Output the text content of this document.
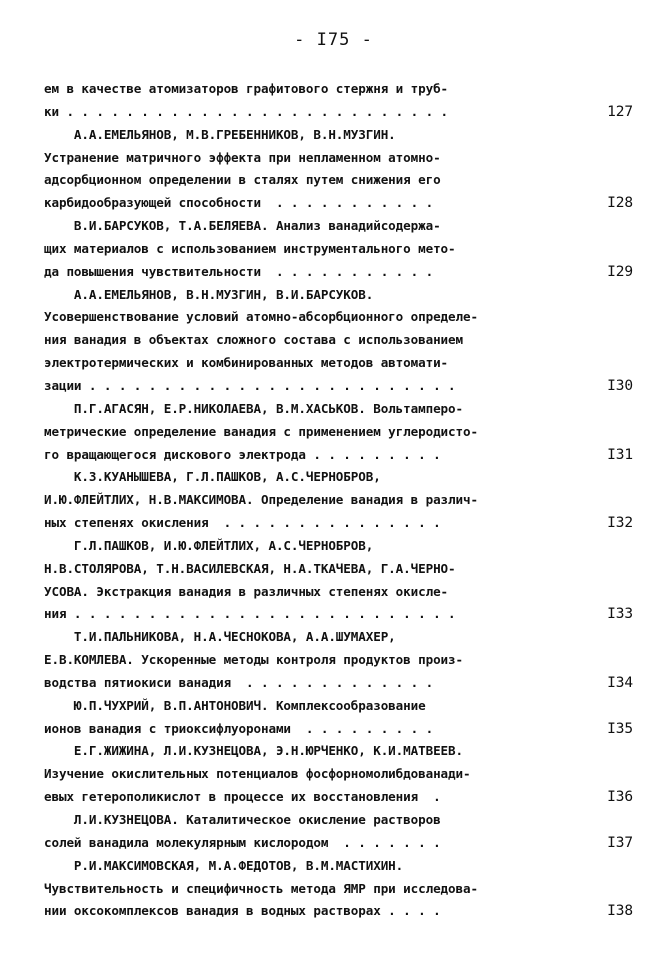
- I75 -
ем в качестве атомизаторов графитового стержня и труб-
ки . . . . . . . . . . . . . . . . . . . . . . . . . .	127
А.А.ЕМЕЛЬЯНОВ, М.В.ГРЕБЕННИКОВ, В.Н.МУЗГИН.
Устранение матричного эффекта при непламенном атомно-
адсорбционном определении в сталях путем снижения его
карбидообразующей способности  . . . . . . . . . . .	I28
В.И.БАРСУКОВ, Т.А.БЕЛЯЕВА. Анализ ванадийсодержа-
щих материалов с использованием инструментального мето-
да повышения чувствительности  . . . . . . . . . . .	I29
А.А.ЕМЕЛЬЯНОВ, В.Н.МУЗГИН, В.И.БАРСУКОВ.
Усовершенствование условий атомно-абсорбционного определе-
ния ванадия в объектах сложного состава с использованием
электротермических и комбинированных методов автомати-
зации . . . . . . . . . . . . . . . . . . . . . . . . .	I30
П.Г.АГАСЯН, Е.Р.НИКОЛАЕВА, В.М.ХАСЬКОВ. Вольтамперо-
метрические определение ванадия с применением углеродисто-
го вращающегося дискового электрода . . . . . . . . .	I31
К.З.КУАНЫШЕВА, Г.Л.ПАШКОВ, А.С.ЧЕРНОБРОВ,
И.Ю.ФЛЕЙТЛИХ, Н.В.МАКСИМОВА. Определение ванадия в различ-
ных степенях окисления  . . . . . . . . . . . . . . .	I32
Г.Л.ПАШКОВ, И.Ю.ФЛЕЙТЛИХ, А.С.ЧЕРНОБРОВ,
Н.В.СТОЛЯРОВА, Т.Н.ВАСИЛЕВСКАЯ, Н.А.ТКАЧЕВА, Г.А.ЧЕРНО-
УСОВА. Экстракция ванадия в различных степенях окисле-
ния . . . . . . . . . . . . . . . . . . . . . . . . . .	I33
Т.И.ПАЛЬНИКОВА, Н.А.ЧЕСНОКОВА, А.А.ШУМАХЕР,
Е.В.КОМЛЕВА. Ускоренные методы контроля продуктов произ-
водства пятиокиси ванадия  . . . . . . . . . . . . .	I34
Ю.П.ЧУХРИЙ, В.П.АНТОНОВИЧ. Комплексообразование
ионов ванадия с триоксифлуоронами  . . . . . . . . .	I35
Е.Г.ЖИЖИНА, Л.И.КУЗНЕЦОВА, Э.Н.ЮРЧЕНКО, К.И.МАТВЕЕВ.
Изучение окислительных потенциалов фосфорномолибдованади-
евых гетерополикислот в процессе их восстановления  .	I36
Л.И.КУЗНЕЦОВА. Каталитическое окисление растворов
солей ванадила молекулярным кислородом  . . . . . . .	I37
Р.И.МАКСИМОВСКАЯ, М.А.ФЕДОТОВ, В.М.МАСТИХИН.
Чувствительность и специфичность метода ЯМР при исследова-
нии оксокомплексов ванадия в водных растворах . . . .	I38
